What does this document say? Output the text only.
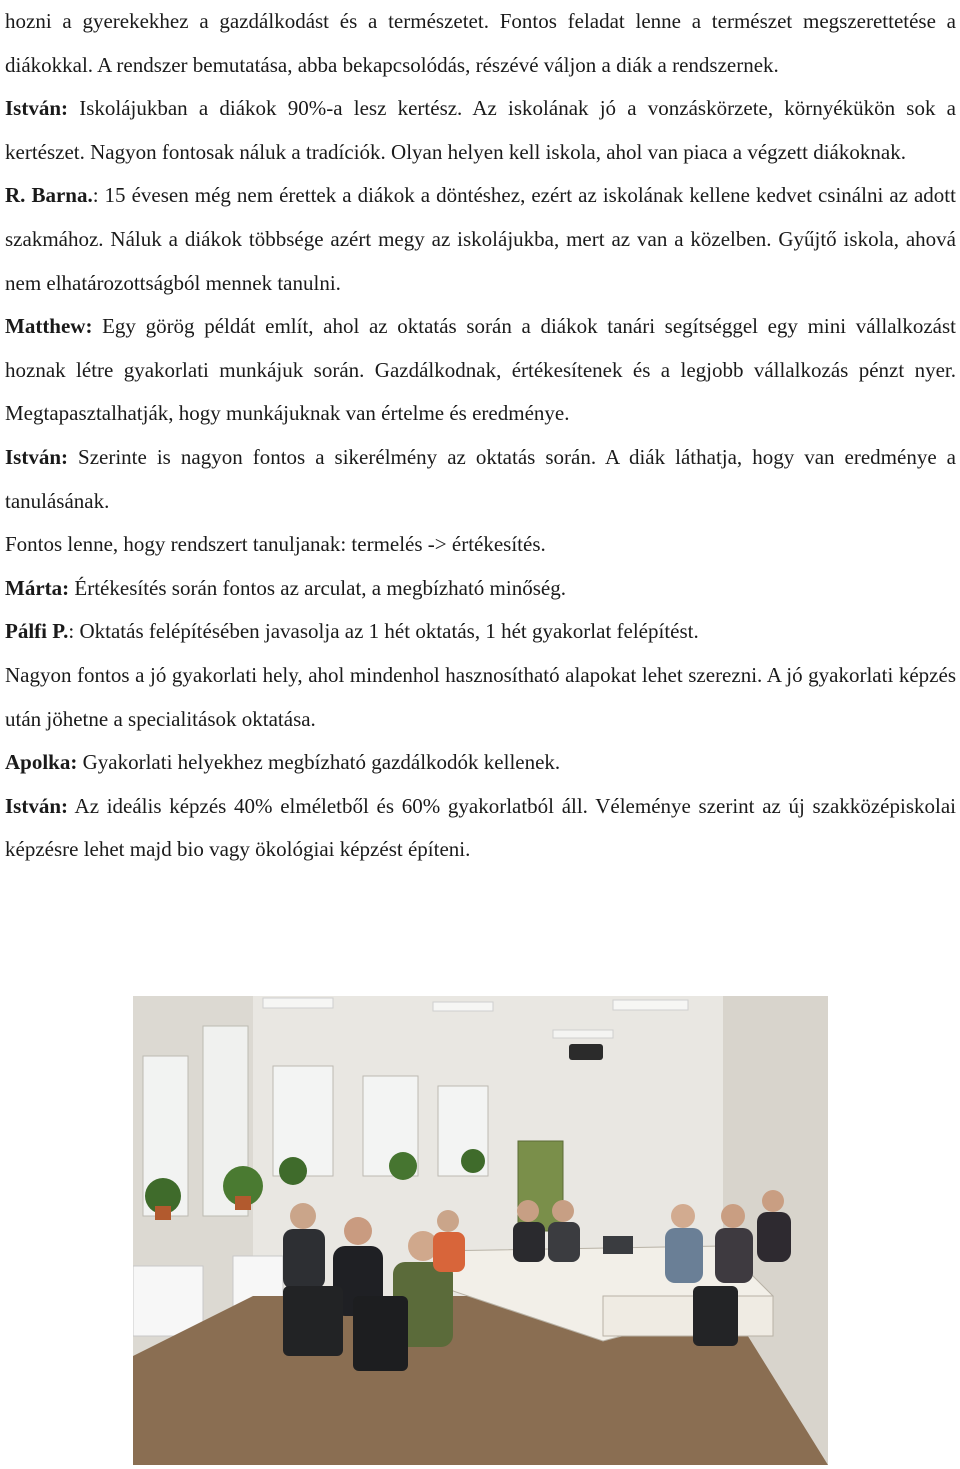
hozni a gyerekekhez a gazdálkodást és a természetet. Fontos feladat lenne a természet megszerettetése a diákokkal. A rendszer bemutatása, abba bekapcsolódás, részévé váljon a diák a rendszernek.

István: Iskolájukban a diákok 90%-a lesz kertész. Az iskolának jó a vonzáskörzete, környékükön sok a kertészet. Nagyon fontosak náluk a tradíciók. Olyan helyen kell iskola, ahol van piaca a végzett diákoknak.

R. Barna.: 15 évesen még nem érettek a diákok a döntéshez, ezért az iskolának kellene kedvet csinálni az adott szakmához. Náluk a diákok többsége azért megy az iskolájukba, mert az van a közelben. Gyűjtő iskola, ahová nem elhatározottságból mennek tanulni.

Matthew: Egy görög példát említ, ahol az oktatás során a diákok tanári segítséggel egy mini vállalkozást hoznak létre gyakorlati munkájuk során. Gazdálkodnak, értékesítenek és a legjobb vállalkozás pénzt nyer. Megtapasztalhatják, hogy munkájuknak van értelme és eredménye.

István: Szerinte is nagyon fontos a sikerélmény az oktatás során. A diák láthatja, hogy van eredménye a tanulásának.

Fontos lenne, hogy rendszert tanuljanak: termelés -> értékesítés.

Márta: Értékesítés során fontos az arculat, a megbízható minőség.

Pálfi P.: Oktatás felépítésében javasolja az 1 hét oktatás, 1 hét gyakorlat felépítést.

Nagyon fontos a jó gyakorlati hely, ahol mindenhol hasznosítható alapokat lehet szerezni. A jó gyakorlati képzés után jöhetne a specialitások oktatása.

Apolka: Gyakorlati helyekhez megbízható gazdálkodók kellenek.

István: Az ideális képzés 40% elméletből és 60% gyakorlatból áll. Véleménye szerint az új szakközépiskolai képzésre lehet majd bio vagy ökológiai képzést építeni.
